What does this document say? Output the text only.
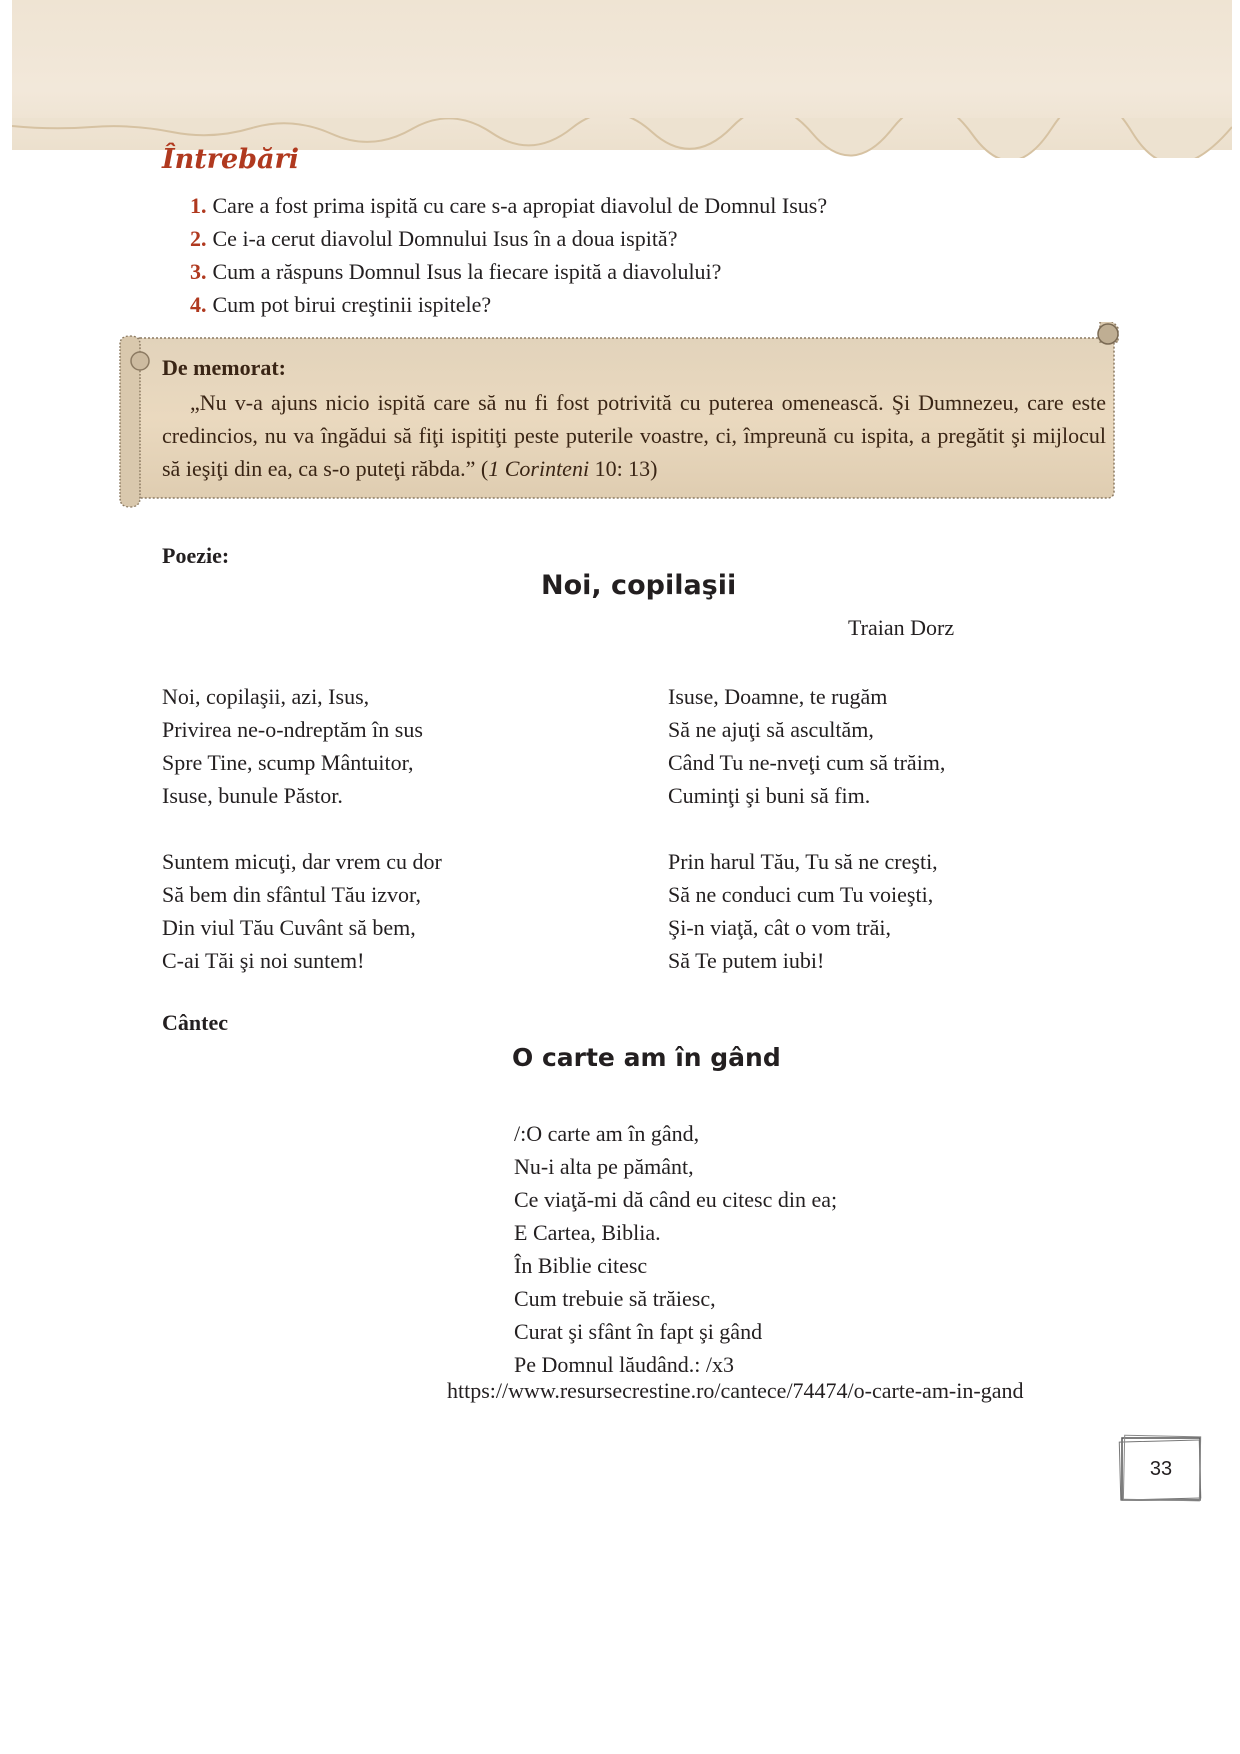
Întrebări
1. Care a fost prima ispită cu care s-a apropiat diavolul de Domnul Isus?
2. Ce i-a cerut diavolul Domnului Isus în a doua ispită?
3. Cum a răspuns Domnul Isus la fiecare ispită a diavolului?
4. Cum pot birui creştinii ispitele?
De memorat:

„Nu v-a ajuns nicio ispită care să nu fi fost potrivită cu puterea omenească. Şi Dumnezeu, care este credincios, nu va îngădui să fiţi ispitiţi peste puterile voastre, ci, împreună cu ispita, a pregătit şi mijlocul să ieşiţi din ea, ca s-o puteţi răbda.” (1 Corinteni 10: 13)

Poezie:

Noi, copilaşii

Traian Dorz

Noi, copilaşii, azi, Isus,
Privirea ne-o-ndreptăm în sus
Spre Tine, scump Mântuitor,
Isuse, bunule Păstor.
Isuse, Doamne, te rugăm
Să ne ajuţi să ascultăm,
Când Tu ne-nveţi cum să trăim,
Cuminţi şi buni să fim.
Suntem micuţi, dar vrem cu dor
Să bem din sfântul Tău izvor,
Din viul Tău Cuvânt să bem,
C-ai Tăi şi noi suntem!
Prin harul Tău, Tu să ne creşti,
Să ne conduci cum Tu voieşti,
Şi-n viaţă, cât o vom trăi,
Să Te putem iubi!

Cântec

O carte am în gând
/:O carte am în gând,
Nu-i alta pe pământ,
Ce viaţă-mi dă când eu citesc din ea;
E Cartea, Biblia.
În Biblie citesc
Cum trebuie să trăiesc,
Curat şi sfânt în fapt şi gând
Pe Domnul lăudând.: /x3

https://www.resursecrestine.ro/cantece/74474/o-carte-am-in-gand

33
